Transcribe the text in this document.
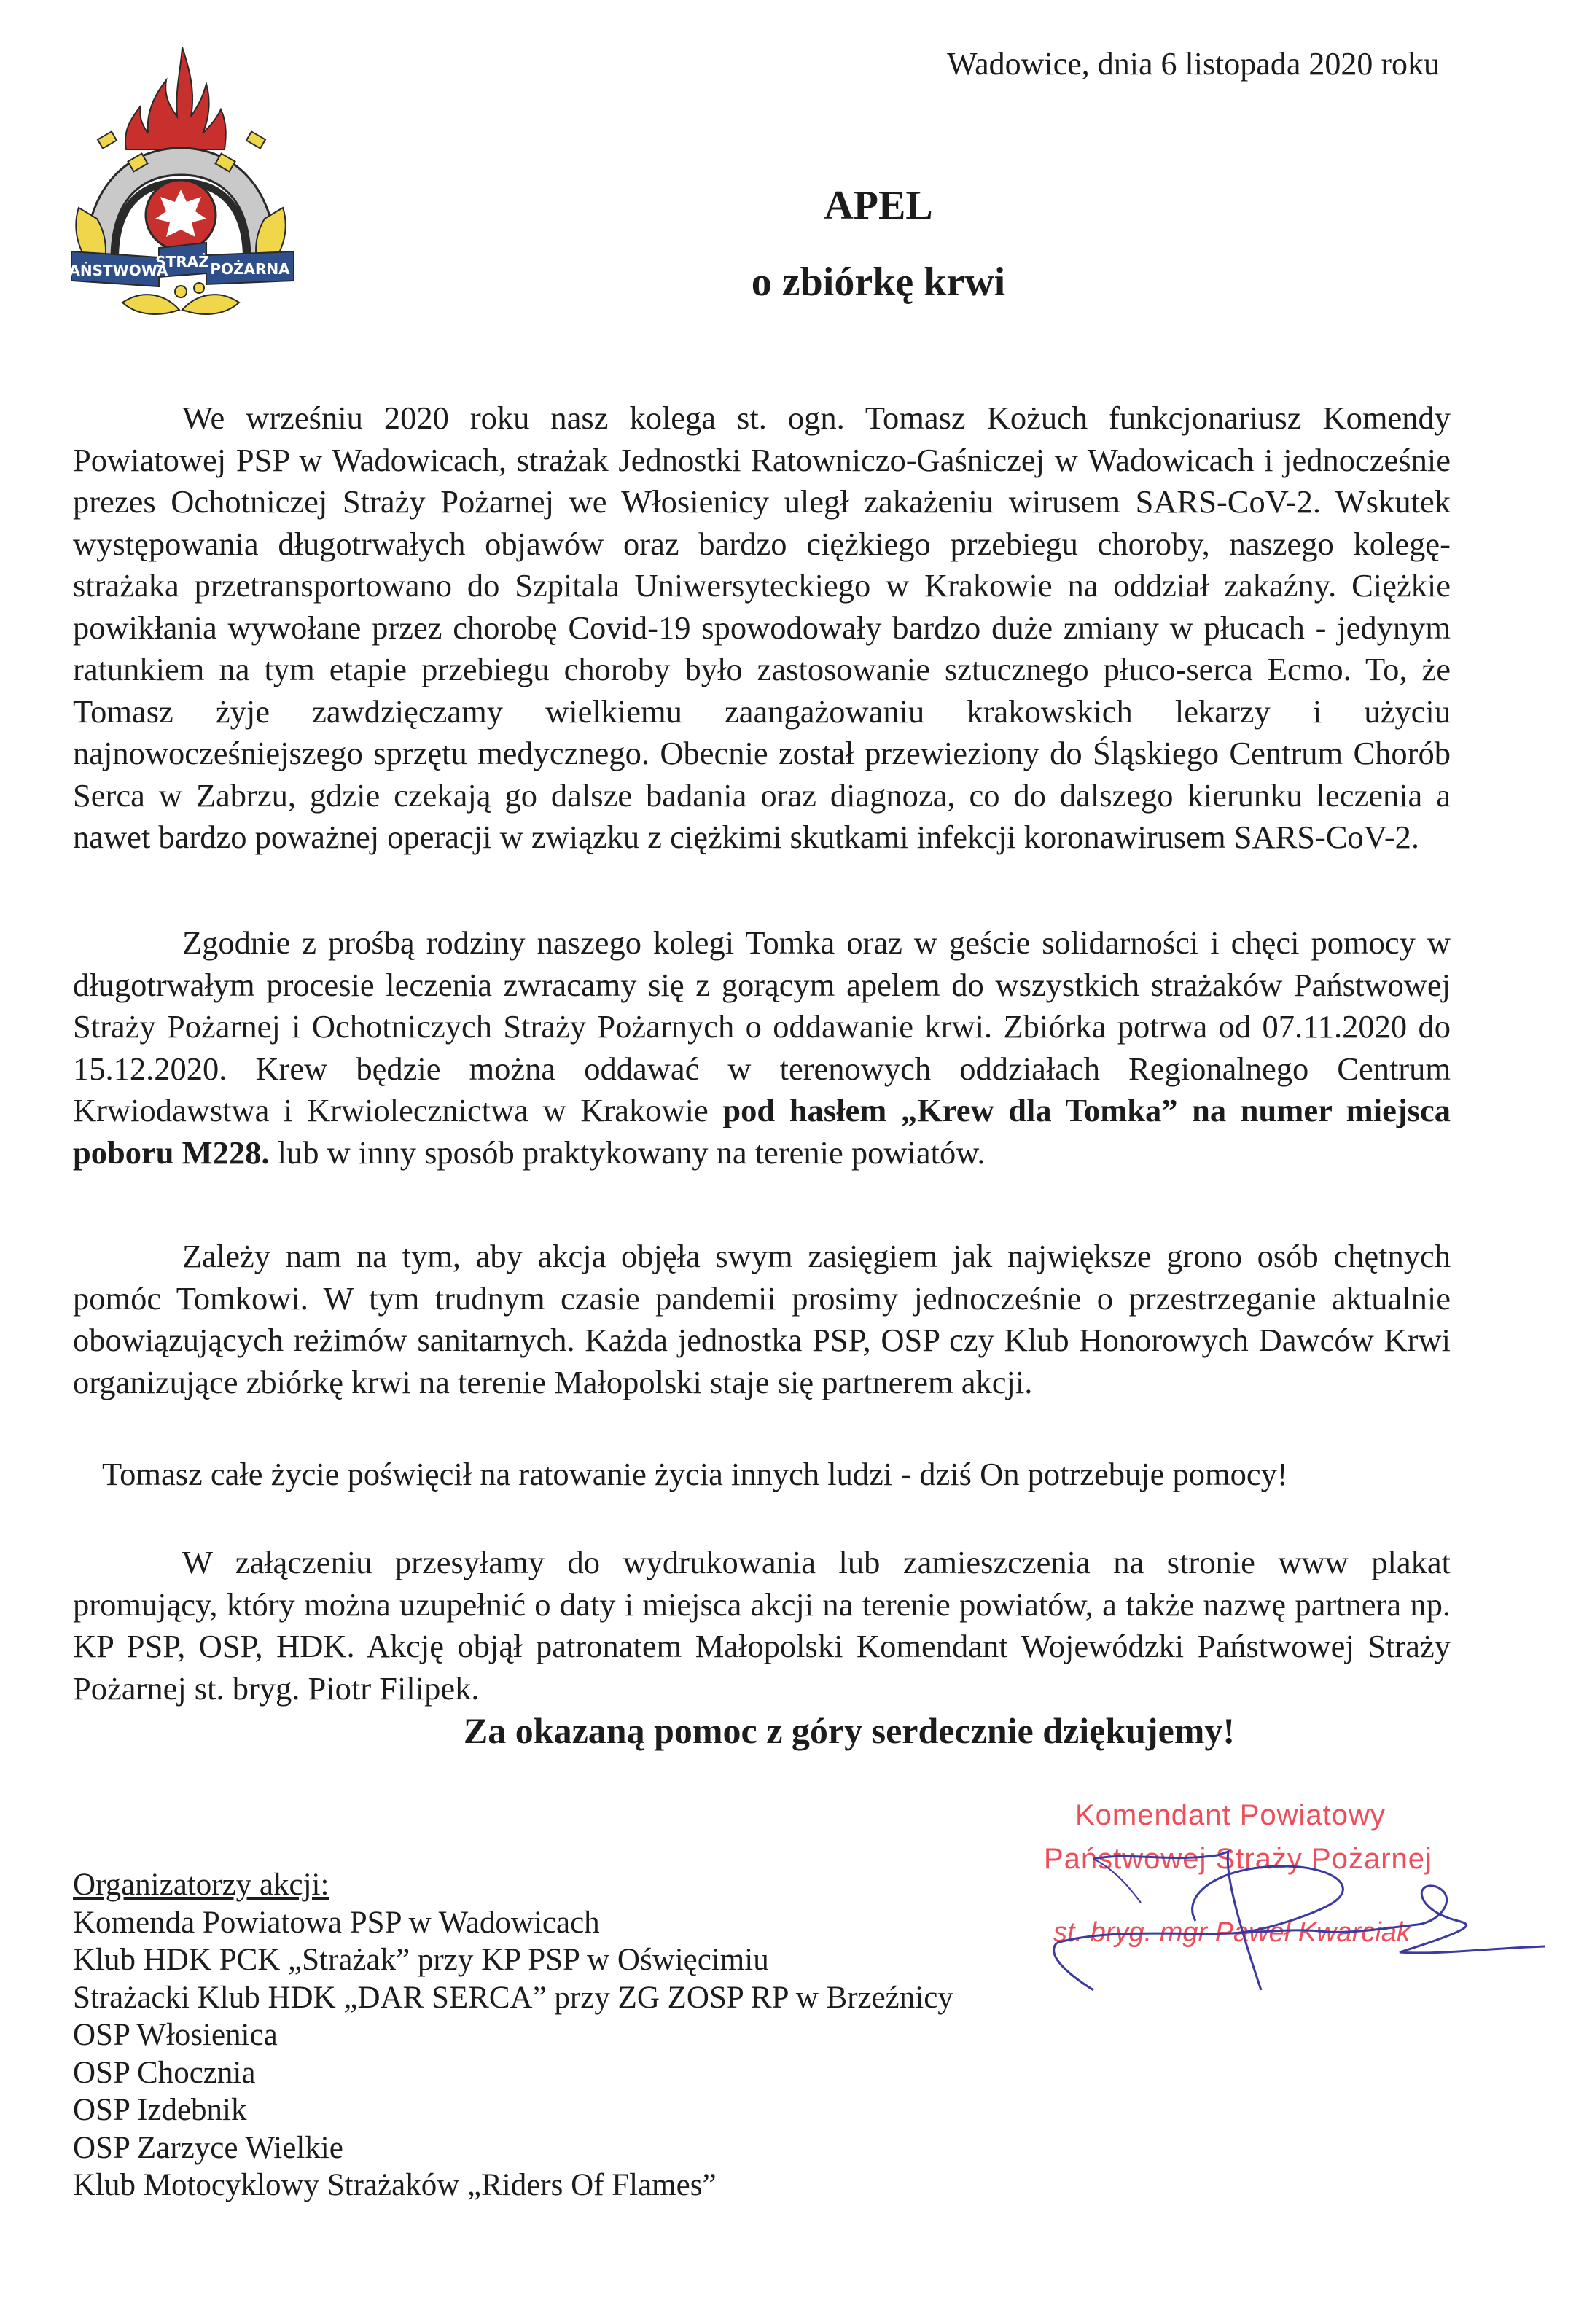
PAŃSTWOWA
STRAŻ POŻARNA
Wadowice, dnia 6 listopada 2020 roku
APEL
o zbiórkę krwi

We wrześniu 2020 roku nasz kolega st. ogn. Tomasz Kożuch funkcjonariusz Komendy Powiatowej PSP w Wadowicach, strażak Jednostki Ratowniczo-Gaśniczej w Wadowicach i jednocześnie prezes Ochotniczej Straży Pożarnej we Włosienicy uległ zakażeniu wirusem SARS-CoV-2. Wskutek występowania długotrwałych objawów oraz bardzo ciężkiego przebiegu choroby, naszego kolegę-strażaka przetransportowano do Szpitala Uniwersyteckiego w Krakowie na oddział zakaźny. Ciężkie powikłania wywołane przez chorobę Covid-19 spowodowały bardzo duże zmiany w płucach - jedynym ratunkiem na tym etapie przebiegu choroby było zastosowanie sztucznego płuco-serca Ecmo. To, że Tomasz żyje zawdzięczamy wielkiemu zaangażowaniu krakowskich lekarzy i użyciu najnowocześniejszego sprzętu medycznego. Obecnie został przewieziony do Śląskiego Centrum Chorób Serca w Zabrzu, gdzie czekają go dalsze badania oraz diagnoza, co do dalszego kierunku leczenia a nawet bardzo poważnej operacji w związku z ciężkimi skutkami infekcji koronawirusem SARS-CoV-2.

Zgodnie z prośbą rodziny naszego kolegi Tomka oraz w geście solidarności i chęci pomocy w długotrwałym procesie leczenia zwracamy się z gorącym apelem do wszystkich strażaków Państwowej Straży Pożarnej i Ochotniczych Straży Pożarnych o oddawanie krwi. Zbiórka potrwa od 07.11.2020 do 15.12.2020. Krew będzie można oddawać w terenowych oddziałach Regionalnego Centrum Krwiodawstwa i Krwiolecznictwa w Krakowie pod hasłem „Krew dla Tomka” na numer miejsca poboru M228. lub w inny sposób praktykowany na terenie powiatów.

Zależy nam na tym, aby akcja objęła swym zasięgiem jak największe grono osób chętnych pomóc Tomkowi. W tym trudnym czasie pandemii prosimy jednocześnie o przestrzeganie aktualnie obowiązujących reżimów sanitarnych. Każda jednostka PSP, OSP czy Klub Honorowych Dawców Krwi organizujące zbiórkę krwi na terenie Małopolski staje się partnerem akcji.

Tomasz całe życie poświęcił na ratowanie życia innych ludzi - dziś On potrzebuje pomocy!

W załączeniu przesyłamy do wydrukowania lub zamieszczenia na stronie www plakat promujący, który można uzupełnić o daty i miejsca akcji na terenie powiatów, a także nazwę partnera np. KP PSP, OSP, HDK. Akcję objął patronatem Małopolski Komendant Wojewódzki Państwowej Straży Pożarnej st. bryg. Piotr Filipek.

Za okazaną pomoc z góry serdecznie dziękujemy!
Komendant Powiatowy
Państwowej Straży Pożarnej
st. bryg. mgr Paweł Kwarciak
Organizatorzy akcji:
Komenda Powiatowa PSP w Wadowicach
Klub HDK PCK „Strażak” przy KP PSP w Oświęcimiu
Strażacki Klub HDK „DAR SERCA” przy ZG ZOSP RP w Brzeźnicy
OSP Włosienica
OSP Chocznia
OSP Izdebnik
OSP Zarzyce Wielkie
Klub Motocyklowy Strażaków „Riders Of Flames”
